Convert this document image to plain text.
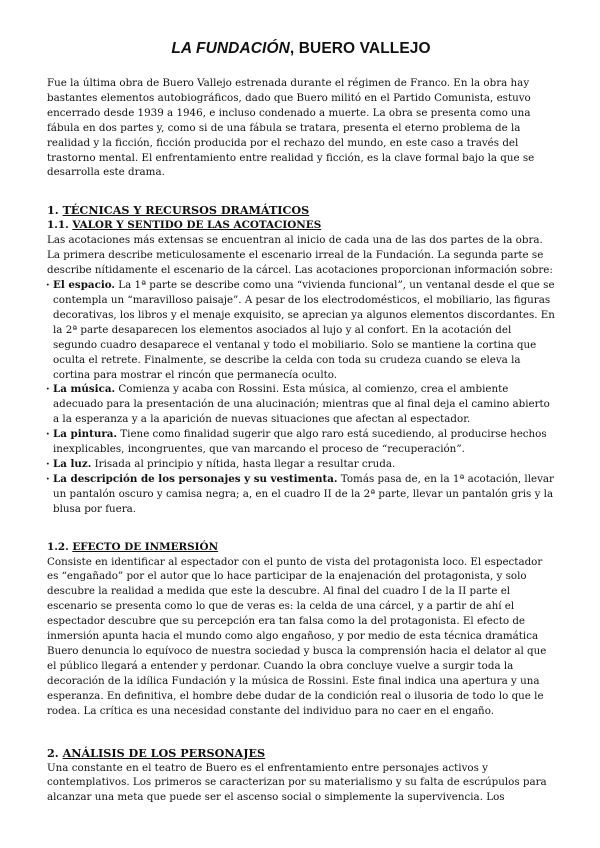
LA FUNDACIÓN, BUERO VALLEJO

Fue la última obra de Buero Vallejo estrenada durante el régimen de Franco. En la obra hay bastantes elementos autobiográficos, dado que Buero militó en el Partido Comunista, estuvo encerrado desde 1939 a 1946, e incluso condenado a muerte. La obra se presenta como una fábula en dos partes y, como si de una fábula se tratara, presenta el eterno problema de la realidad y la ficción, ficción producida por el rechazo del mundo, en este caso a través del trastorno mental. El enfrentamiento entre realidad y ficción, es la clave formal bajo la que se desarrolla este drama.

1. TÉCNICAS Y RECURSOS DRAMÁTICOS
1.1. VALOR Y SENTIDO DE LAS ACOTACIONES

Las acotaciones más extensas se encuentran al inicio de cada una de las dos partes de la obra. La primera describe meticulosamente el escenario irreal de la Fundación. La segunda parte se describe nítidamente el escenario de la cárcel. Las acotaciones proporcionan información sobre:

· El espacio. La 1ª parte se describe como una “vivienda funcional”, un ventanal desde el que se contempla un “maravilloso paisaje”. A pesar de los electrodomésticos, el mobiliario, las figuras decorativas, los libros y el menaje exquisito, se aprecian ya algunos elementos discordantes. En la 2ª parte desaparecen los elementos asociados al lujo y al confort. En la acotación del segundo cuadro desaparece el ventanal y todo el mobiliario. Solo se mantiene la cortina que oculta el retrete. Finalmente, se describe la celda con toda su crudeza cuando se eleva la cortina para mostrar el rincón que permanecía oculto.
· La música. Comienza y acaba con Rossini. Esta música, al comienzo, crea el ambiente adecuado para la presentación de una alucinación; mientras que al final deja el camino abierto a la esperanza y a la aparición de nuevas situaciones que afectan al espectador.
· La pintura. Tiene como finalidad sugerir que algo raro está sucediendo, al producirse hechos inexplicables, incongruentes, que van marcando el proceso de “recuperación”.
· La luz. Irisada al principio y nítida, hasta llegar a resultar cruda.
· La descripción de los personajes y su vestimenta. Tomás pasa de, en la 1ª acotación, llevar un pantalón oscuro y camisa negra; a, en el cuadro II de la 2ª parte, llevar un pantalón gris y la blusa por fuera.
1.2. EFECTO DE INMERSIÓN

Consiste en identificar al espectador con el punto de vista del protagonista loco. El espectador es “engañado” por el autor que lo hace participar de la enajenación del protagonista, y solo descubre la realidad a medida que este la descubre. Al final del cuadro I de la II parte el escenario se presenta como lo que de veras es: la celda de una cárcel, y a partir de ahí el espectador descubre que su percepción era tan falsa como la del protagonista. El efecto de inmersión apunta hacia el mundo como algo engañoso, y por medio de esta técnica dramática Buero denuncia lo equívoco de nuestra sociedad y busca la comprensión hacia el delator al que el público llegará a entender y perdonar. Cuando la obra concluye vuelve a surgir toda la decoración de la idílica Fundación y la música de Rossini. Este final indica una apertura y una esperanza. En definitiva, el hombre debe dudar de la condición real o ilusoria de todo lo que le rodea. La crítica es una necesidad constante del individuo para no caer en el engaño.

2. ANÁLISIS DE LOS PERSONAJES

Una constante en el teatro de Buero es el enfrentamiento entre personajes activos y contemplativos. Los primeros se caracterizan por su materialismo y su falta de escrúpulos para alcanzar una meta que puede ser el ascenso social o simplemente la supervivencia. Los
